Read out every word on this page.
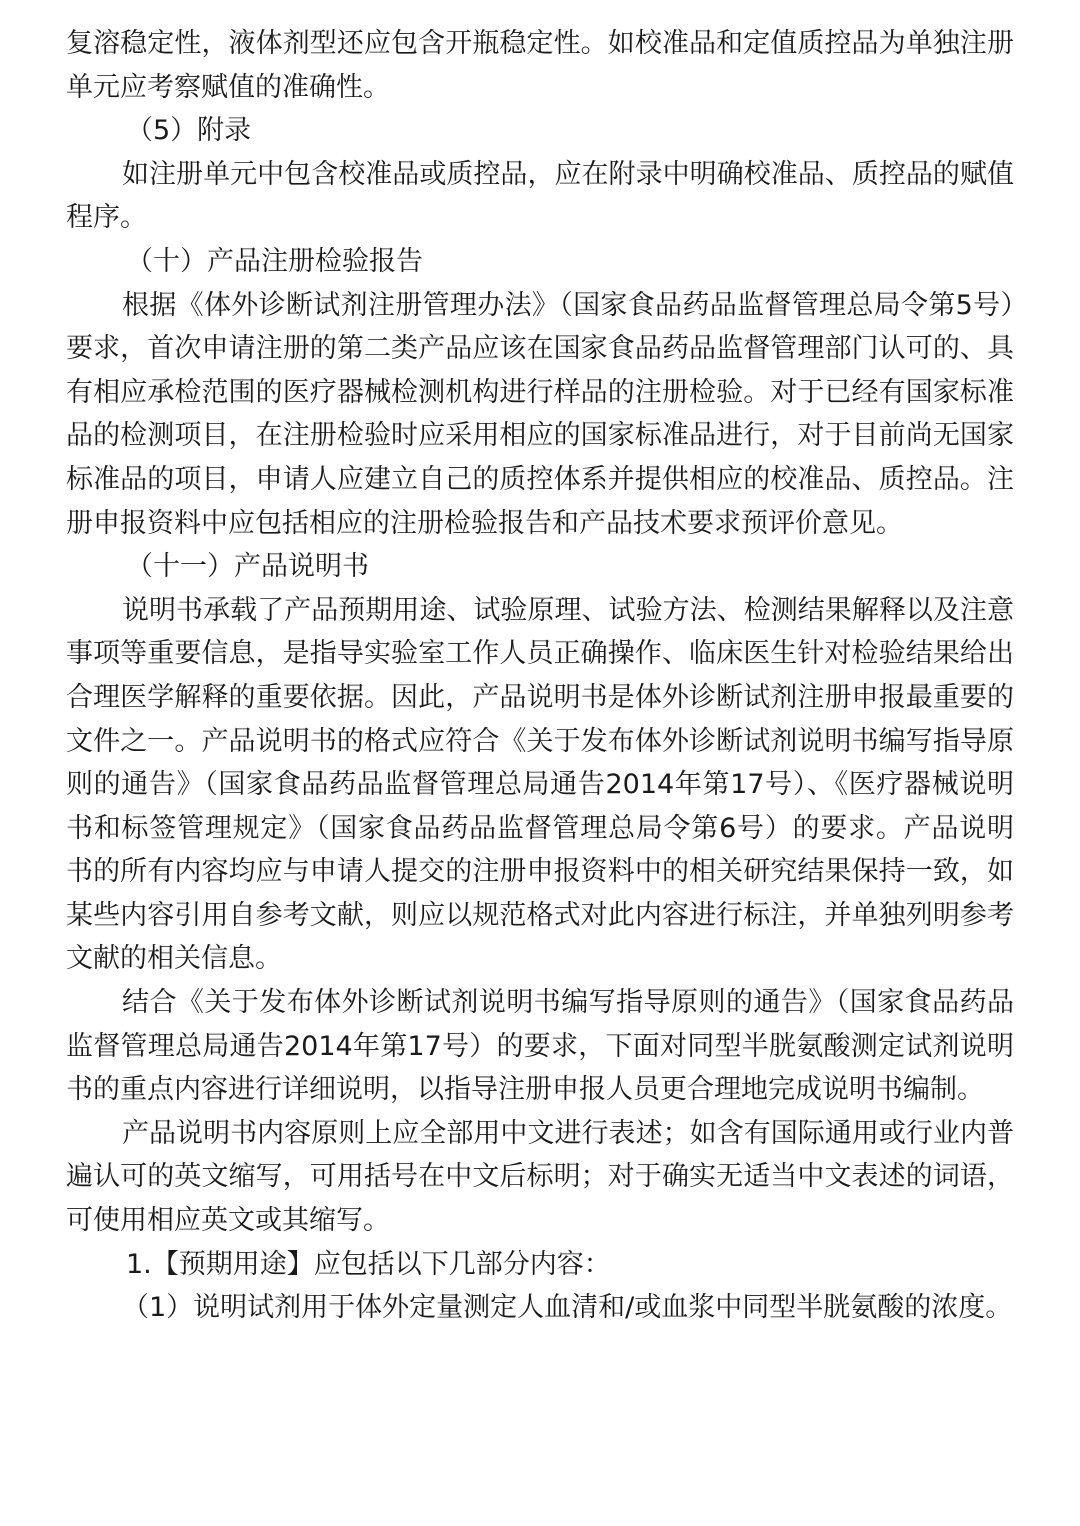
复溶稳定性，液体剂型还应包含开瓶稳定性。如校准品和定值质控品为单独注册单元应考察赋值的准确性。

（5）附录

如注册单元中包含校准品或质控品，应在附录中明确校准品、质控品的赋值程序。

（十）产品注册检验报告

根据《体外诊断试剂注册管理办法》（国家食品药品监督管理总局令第5号）要求，首次申请注册的第二类产品应该在国家食品药品监督管理部门认可的、具有相应承检范围的医疗器械检测机构进行样品的注册检验。对于已经有国家标准品的检测项目，在注册检验时应采用相应的国家标准品进行，对于目前尚无国家标准品的项目，申请人应建立自己的质控体系并提供相应的校准品、质控品。注册申报资料中应包括相应的注册检验报告和产品技术要求预评价意见。

（十一）产品说明书

说明书承载了产品预期用途、试验原理、试验方法、检测结果解释以及注意事项等重要信息，是指导实验室工作人员正确操作、临床医生针对检验结果给出合理医学解释的重要依据。因此，产品说明书是体外诊断试剂注册申报最重要的文件之一。产品说明书的格式应符合《关于发布体外诊断试剂说明书编写指导原则的通告》（国家食品药品监督管理总局通告2014年第17号）、《医疗器械说明书和标签管理规定》（国家食品药品监督管理总局令第6号）的要求。产品说明书的所有内容均应与申请人提交的注册申报资料中的相关研究结果保持一致，如某些内容引用自参考文献，则应以规范格式对此内容进行标注，并单独列明参考文献的相关信息。

结合《关于发布体外诊断试剂说明书编写指导原则的通告》（国家食品药品监督管理总局通告2014年第17号）的要求，下面对同型半胱氨酸测定试剂说明书的重点内容进行详细说明，以指导注册申报人员更合理地完成说明书编制。

产品说明书内容原则上应全部用中文进行表述；如含有国际通用或行业内普遍认可的英文缩写，可用括号在中文后标明；对于确实无适当中文表述的词语，可使用相应英文或其缩写。

1.【预期用途】应包括以下几部分内容：

（1）说明试剂用于体外定量测定人血清和/或血浆中同型半胱氨酸的浓度。
